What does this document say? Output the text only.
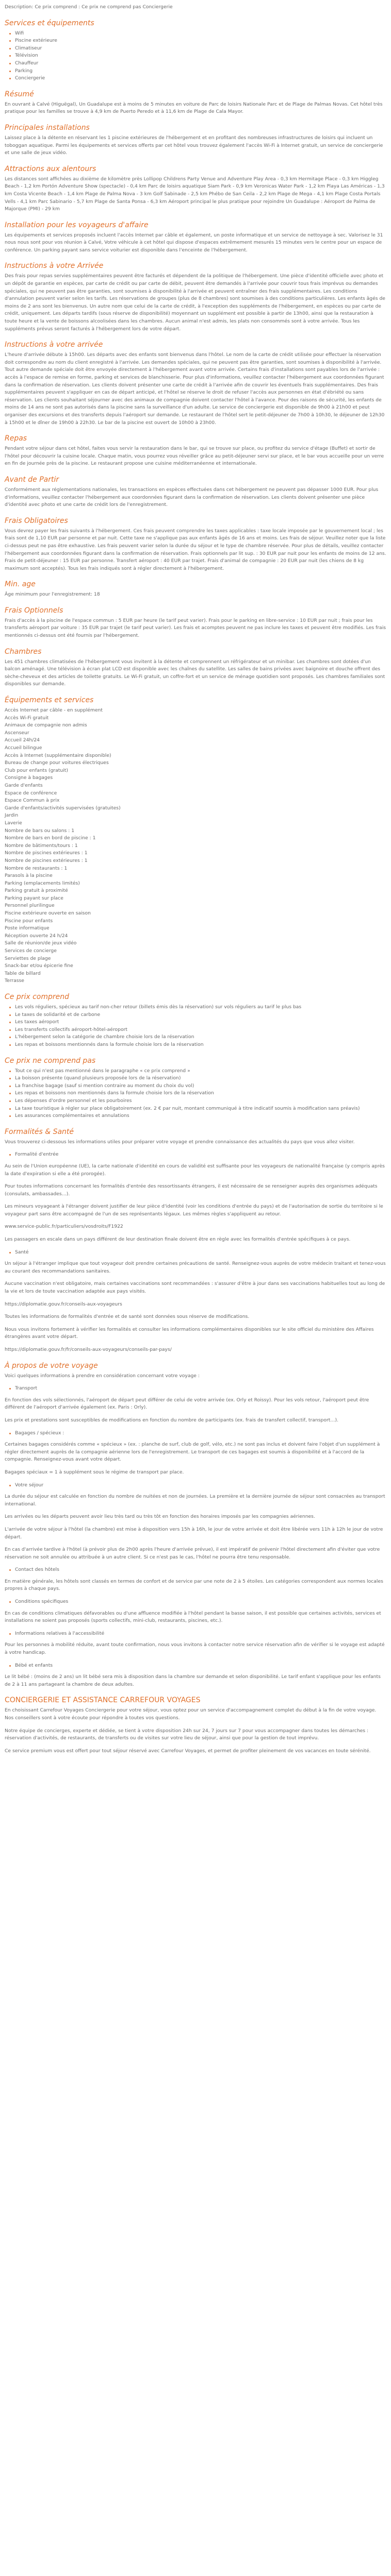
Description: Ce prix comprend : Ce prix ne comprend pas Conciergerie

Services et équipements
Wifi
Piscine extérieure
Climatiseur
Télévision
Chauffeur
Parking
Conciergerie
Résumé

En ouvrant à Calvé (Higuëgal), Un Guadalupe est à moins de 5 minutes en voiture de Parc de loisirs Nationale Parc et de Plage de Palmas Novas. Cet hôtel très pratique pour les familles se trouve à 4,9 km de Puerto Peredo et à 11,6 km de Plage de Cala Mayor.

Principales installations

Laissez place à la détente en réservant les 1 piscine extérieures de l'hébergement et en profitant des nombreuses infrastructures de loisirs qui incluent un toboggan aquatique. Parmi les équipements et services offerts par cet hôtel vous trouvez également l'accès Wi-Fi à Internet gratuit, un service de conciergerie et une salle de jeux vidéo.

Attractions aux alentours

Les distances sont affichées au dixième de kilomètre près Lollipop Childrens Party Venue and Adventure Play Area - 0,3 km Hermitage Place - 0,3 km Higgleg Beach - 1,2 km Portón Adventure Show (spectacle) - 0,4 km Parc de loisirs aquatique Siam Park - 0,9 km Veronicas Water Park - 1,2 km Playa Las Américas - 1,3 km Costa Vicente Beach - 1,4 km Plage de Palma Nova - 3 km Golf Sabinade - 2,5 km Phébo de San Ceila - 2,2 km Plage de Mega - 4,1 km Plage Costa Portals Vells - 4,1 km Parc Sabinario - 5,7 km Plage de Santa Ponsa - 6,3 km Aéroport principal le plus pratique pour rejoindre Un Guadalupe : Aéroport de Palma de Majorque (PMI) - 29 km

Installation pour les voyageurs d'affaire

Les équipements et services proposés incluent l'accès Internet par câble et également, un poste informatique et un service de nettoyage à sec. Valorisez le 31 nous nous sont pour vos réunion à Calvé, Votre véhicule à cet hôtel qui dispose d'espaces extrêmement mesurés 15 minutes vers le centre pour un espace de conférence. Un parking payant sans service voiturier est disponible dans l'enceinte de l'hébergement.

Instructions à votre Arrivée

Des frais pour repas servies supplémentaires peuvent être facturés et dépendent de la politique de l'hébergement. Une pièce d'identité officielle avec photo et un dépôt de garantie en espèces, par carte de crédit ou par carte de débit, peuvent être demandés à l'arrivée pour couvrir tous frais imprévus ou demandes spéciales, qui ne peuvent pas être garanties, sont soumises à disponibilité à l'arrivée et peuvent entraîner des frais supplémentaires. Les conditions d'annulation peuvent varier selon les tarifs. Les réservations de groupes (plus de 8 chambres) sont soumises à des conditions particulières. Les enfants âgés de moins de 2 ans sont les bienvenus. Un autre nom que celui de la carte de crédit, à l'exception des suppléments de l'hébergement, en espèces ou par carte de crédit, uniquement. Les départs tardifs (sous réserve de disponibilité) moyennant un supplément est possible à partir de 13h00, ainsi que la restauration à toute heure et la vente de boissons alcoolisées dans les chambres. Aucun animal n'est admis, les plats non consommés sont à votre arrivée. Tous les suppléments prévus seront facturés à l'hébergement lors de votre départ.

Instructions à votre arrivée

L'heure d'arrivée débute à 15h00. Les départs avec des enfants sont bienvenus dans l'hôtel. Le nom de la carte de crédit utilisée pour effectuer la réservation doit correspondre au nom du client enregistré à l'arrivée. Les demandes spéciales, qui ne peuvent pas être garanties, sont soumises à disponibilité à l'arrivée. Tout autre demande spéciale doit être envoyée directement à l'hébergement avant votre arrivée. Certains frais d'installations sont payables lors de l'arrivée : accès à l'espace de remise en forme, parking et services de blanchisserie. Pour plus d'informations, veuillez contacter l'hébergement aux coordonnées figurant dans la confirmation de réservation. Les clients doivent présenter une carte de crédit à l'arrivée afin de couvrir les éventuels frais supplémentaires. Des frais supplémentaires peuvent s'appliquer en cas de départ anticipé, et l'hôtel se réserve le droit de refuser l'accès aux personnes en état d'ébriété ou sans réservation. Les clients souhaitant séjourner avec des animaux de compagnie doivent contacter l'hôtel à l'avance. Pour des raisons de sécurité, les enfants de moins de 14 ans ne sont pas autorisés dans la piscine sans la surveillance d'un adulte. Le service de conciergerie est disponible de 9h00 à 21h00 et peut organiser des excursions et des transferts depuis l'aéroport sur demande. Le restaurant de l'hôtel sert le petit-déjeuner de 7h00 à 10h30, le déjeuner de 12h30 à 15h00 et le dîner de 19h00 à 22h30. Le bar de la piscine est ouvert de 10h00 à 23h00.

Repas

Pendant votre séjour dans cet hôtel, faites vous servir la restauration dans le bar, qui se trouve sur place, ou profitez du service d'étage (Buffet) et sortir de l'hôtel pour découvrir la cuisine locale. Chaque matin, vous pourrez vous réveiller grâce au petit-déjeuner servi sur place, et le bar vous accueille pour un verre en fin de journée près de la piscine. Le restaurant propose une cuisine méditerranéenne et internationale.

Avant de Partir

Conformément aux réglementations nationales, les transactions en espèces effectuées dans cet hébergement ne peuvent pas dépasser 1000 EUR. Pour plus d'informations, veuillez contacter l'hébergement aux coordonnées figurant dans la confirmation de réservation. Les clients doivent présenter une pièce d'identité avec photo et une carte de crédit lors de l'enregistrement.

Frais Obligatoires

Vous devrez payer les frais suivants à l'hébergement. Ces frais peuvent comprendre les taxes applicables : taxe locale imposée par le gouvernement local ; les frais sont de 1,10 EUR par personne et par nuit. Cette taxe ne s'applique pas aux enfants âgés de 16 ans et moins. Les frais de séjour. Veuillez noter que la liste ci-dessus peut ne pas être exhaustive. Les frais peuvent varier selon la durée du séjour et le type de chambre réservée. Pour plus de détails, veuillez contacter l'hébergement aux coordonnées figurant dans la confirmation de réservation. Frais optionnels par lit sup. : 30 EUR par nuit pour les enfants de moins de 12 ans. Frais de petit-déjeuner : 15 EUR par personne. Transfert aéroport : 40 EUR par trajet. Frais d'animal de compagnie : 20 EUR par nuit (les chiens de 8 kg maximum sont acceptés). Tous les frais indiqués sont à régler directement à l'hébergement.

Min. age

Âge minimum pour l'enregistrement: 18

Frais Optionnels

Frais d'accès à la piscine de l'espace commun : 5 EUR par heure (le tarif peut varier). Frais pour le parking en libre-service : 10 EUR par nuit ; frais pour les transferts aéroport par voiture : 35 EUR par trajet (le tarif peut varier). Les frais et acomptes peuvent ne pas inclure les taxes et peuvent être modifiés. Les frais mentionnés ci-dessus ont été fournis par l'hébergement.

Chambres

Les 451 chambres climatisées de l'hébergement vous invitent à la détente et comprennent un réfrigérateur et un minibar. Les chambres sont dotées d'un balcon aménagé. Une télévision à écran plat LCD est disponible avec les chaînes du satellite. Les salles de bains privées avec baignoire et douche offrent des sèche-cheveux et des articles de toilette gratuits. Le Wi-Fi gratuit, un coffre-fort et un service de ménage quotidien sont proposés. Les chambres familiales sont disponibles sur demande.

Équipements et services
Accès Internet par câble - en supplément
Accès Wi-Fi gratuit
Animaux de compagnie non admis
Ascenseur
Accueil 24h/24
Accueil bilingue
Accès à Internet (supplémentaire disponible)
Bureau de change pour voitures électriques
Club pour enfants (gratuit)
Consigne à bagages
Garde d'enfants
Espace de conférence
Espace Commun à prix
Garde d'enfants/activités supervisées (gratuites)
Jardin
Laverie
Nombre de bars ou salons : 1
Nombre de bars en bord de piscine : 1
Nombre de bâtiments/tours : 1
Nombre de piscines extérieures : 1
Nombre de piscines extérieures : 1
Nombre de restaurants : 1
Parasols à la piscine
Parking (emplacements limités)
Parking gratuit à proximité
Parking payant sur place
Personnel plurilingue
Piscine extérieure ouverte en saison
Piscine pour enfants
Poste informatique
Réception ouverte 24 h/24
Salle de réunion/de jeux vidéo
Services de concierge
Serviettes de plage
Snack-bar et/ou épicerie fine
Table de billard
Terrasse
Ce prix comprend
Les vols réguliers, spécieux au tarif non-cher retour (billets émis dès la réservation) sur vols réguliers au tarif le plus bas
Le taxes de solidarité et de carbone
Les taxes aéroport
Les transferts collectifs aéroport-hôtel-aéroport
L'hébergement selon la catégorie de chambre choisie lors de la réservation
Les repas et boissons mentionnés dans la formule choisie lors de la réservation
Ce prix ne comprend pas
Tout ce qui n'est pas mentionné dans le paragraphe « ce prix comprend »
La boisson présente (quand plusieurs proposée lors de la réservation)
La franchise bagage (sauf si mention contraire au moment du choix du vol)
Les repas et boissons non mentionnés dans la formule choisie lors de la réservation
Les dépenses d'ordre personnel et les pourboires
La taxe touristique à régler sur place obligatoirement (ex. 2 € par nuit, montant communiqué à titre indicatif soumis à modification sans préavis)
Les assurances complémentaires et annulations
Formalités & Santé

Vous trouverez ci-dessous les informations utiles pour préparer votre voyage et prendre connaissance des actualités du pays que vous allez visiter.

Formalité d'entrée

Au sein de l'Union européenne (UE), la carte nationale d'identité en cours de validité est suffisante pour les voyageurs de nationalité française (y compris après la date d'expiration si elle a été prorogée).

Pour toutes informations concernant les formalités d'entrée des ressortissants étrangers, il est nécessaire de se renseigner auprès des organismes adéquats (consulats, ambassades…).

Les mineurs voyageant à l'étranger doivent justifier de leur pièce d'identité (voir les conditions d'entrée du pays) et de l'autorisation de sortie du territoire si le voyageur part sans être accompagné de l'un de ses représentants légaux. Les mêmes règles s'appliquent au retour.

www.service-public.fr/particuliers/vosdroits/F1922

Les passagers en escale dans un pays différent de leur destination finale doivent être en règle avec les formalités d'entrée spécifiques à ce pays.

Santé

Un séjour à l'étranger implique que tout voyageur doit prendre certaines précautions de santé. Renseignez-vous auprès de votre médecin traitant et tenez-vous au courant des recommandations sanitaires.

Aucune vaccination n'est obligatoire, mais certaines vaccinations sont recommandées : s'assurer d'être à jour dans ses vaccinations habituelles tout au long de la vie et lors de toute vaccination adaptée aux pays visités.

https://diplomatie.gouv.fr/conseils-aux-voyageurs

Toutes les informations de formalités d'entrée et de santé sont données sous réserve de modifications.

Nous vous invitons fortement à vérifier les formalités et consulter les informations complémentaires disponibles sur le site officiel du ministère des Affaires étrangères avant votre départ.

https://diplomatie.gouv.fr/fr/conseils-aux-voyageurs/conseils-par-pays/

À propos de votre voyage

Voici quelques informations à prendre en considération concernant votre voyage :

Transport

En fonction des vols sélectionnés, l'aéroport de départ peut différer de celui de votre arrivée (ex. Orly et Roissy). Pour les vols retour, l'aéroport peut être différent de l'aéroport d'arrivée également (ex. Paris : Orly).

Les prix et prestations sont susceptibles de modifications en fonction du nombre de participants (ex. frais de transfert collectif, transport…).

Bagages / spécieux :

Certaines bagages considérés comme « spécieux » (ex. : planche de surf, club de golf, vélo, etc.) ne sont pas inclus et doivent faire l'objet d'un supplément à régler directement auprès de la compagnie aérienne lors de l'enregistrement. Le transport de ces bagages est soumis à disponibilité et à l'accord de la compagnie. Renseignez-vous avant votre départ.

Bagages spéciaux = 1 à supplément sous le régime de transport par place.

Votre séjour

La durée du séjour est calculée en fonction du nombre de nuitées et non de journées. La première et la dernière journée de séjour sont consacrées au transport international.

Les arrivées ou les départs peuvent avoir lieu très tard ou très tôt en fonction des horaires imposés par les compagnies aériennes.

L'arrivée de votre séjour à l'hôtel (la chambre) est mise à disposition vers 15h à 16h, le jour de votre arrivée et doit être libérée vers 11h à 12h le jour de votre départ.

En cas d'arrivée tardive à l'hôtel (à prévoir plus de 2h00 après l'heure d'arrivée prévue), il est impératif de prévenir l'hôtel directement afin d'éviter que votre réservation ne soit annulée ou attribuée à un autre client. Si ce n'est pas le cas, l'hôtel ne pourra être tenu responsable.

Contact des hôtels

En matière générale, les hôtels sont classés en termes de confort et de service par une note de 2 à 5 étoiles. Les catégories correspondent aux normes locales propres à chaque pays.

Conditions spécifiques

En cas de conditions climatiques défavorables ou d'une affluence modifiée à l'hôtel pendant la basse saison, il est possible que certaines activités, services et installations ne soient pas proposés (sports collectifs, mini-club, restaurants, piscines, etc.).

Informations relatives à l'accessibilité

Pour les personnes à mobilité réduite, avant toute confirmation, nous vous invitons à contacter notre service réservation afin de vérifier si le voyage est adapté à votre handicap.

Bébé et enfants

Le lit bébé : (moins de 2 ans) un lit bébé sera mis à disposition dans la chambre sur demande et selon disponibilité. Le tarif enfant s'applique pour les enfants de 2 à 11 ans partageant la chambre de deux adultes.

CONCIERGERIE ET ASSISTANCE CARREFOUR VOYAGES

En choisissant Carrefour Voyages Conciergerie pour votre séjour, vous optez pour un service d'accompagnement complet du début à la fin de votre voyage. Nos conseillers sont à votre écoute pour répondre à toutes vos questions.

Notre équipe de concierges, experte et dédiée, se tient à votre disposition 24h sur 24, 7 jours sur 7 pour vous accompagner dans toutes les démarches : réservation d'activités, de restaurants, de transferts ou de visites sur votre lieu de séjour, ainsi que pour la gestion de tout imprévu.

Ce service premium vous est offert pour tout séjour réservé avec Carrefour Voyages, et permet de profiter pleinement de vos vacances en toute sérénité.
